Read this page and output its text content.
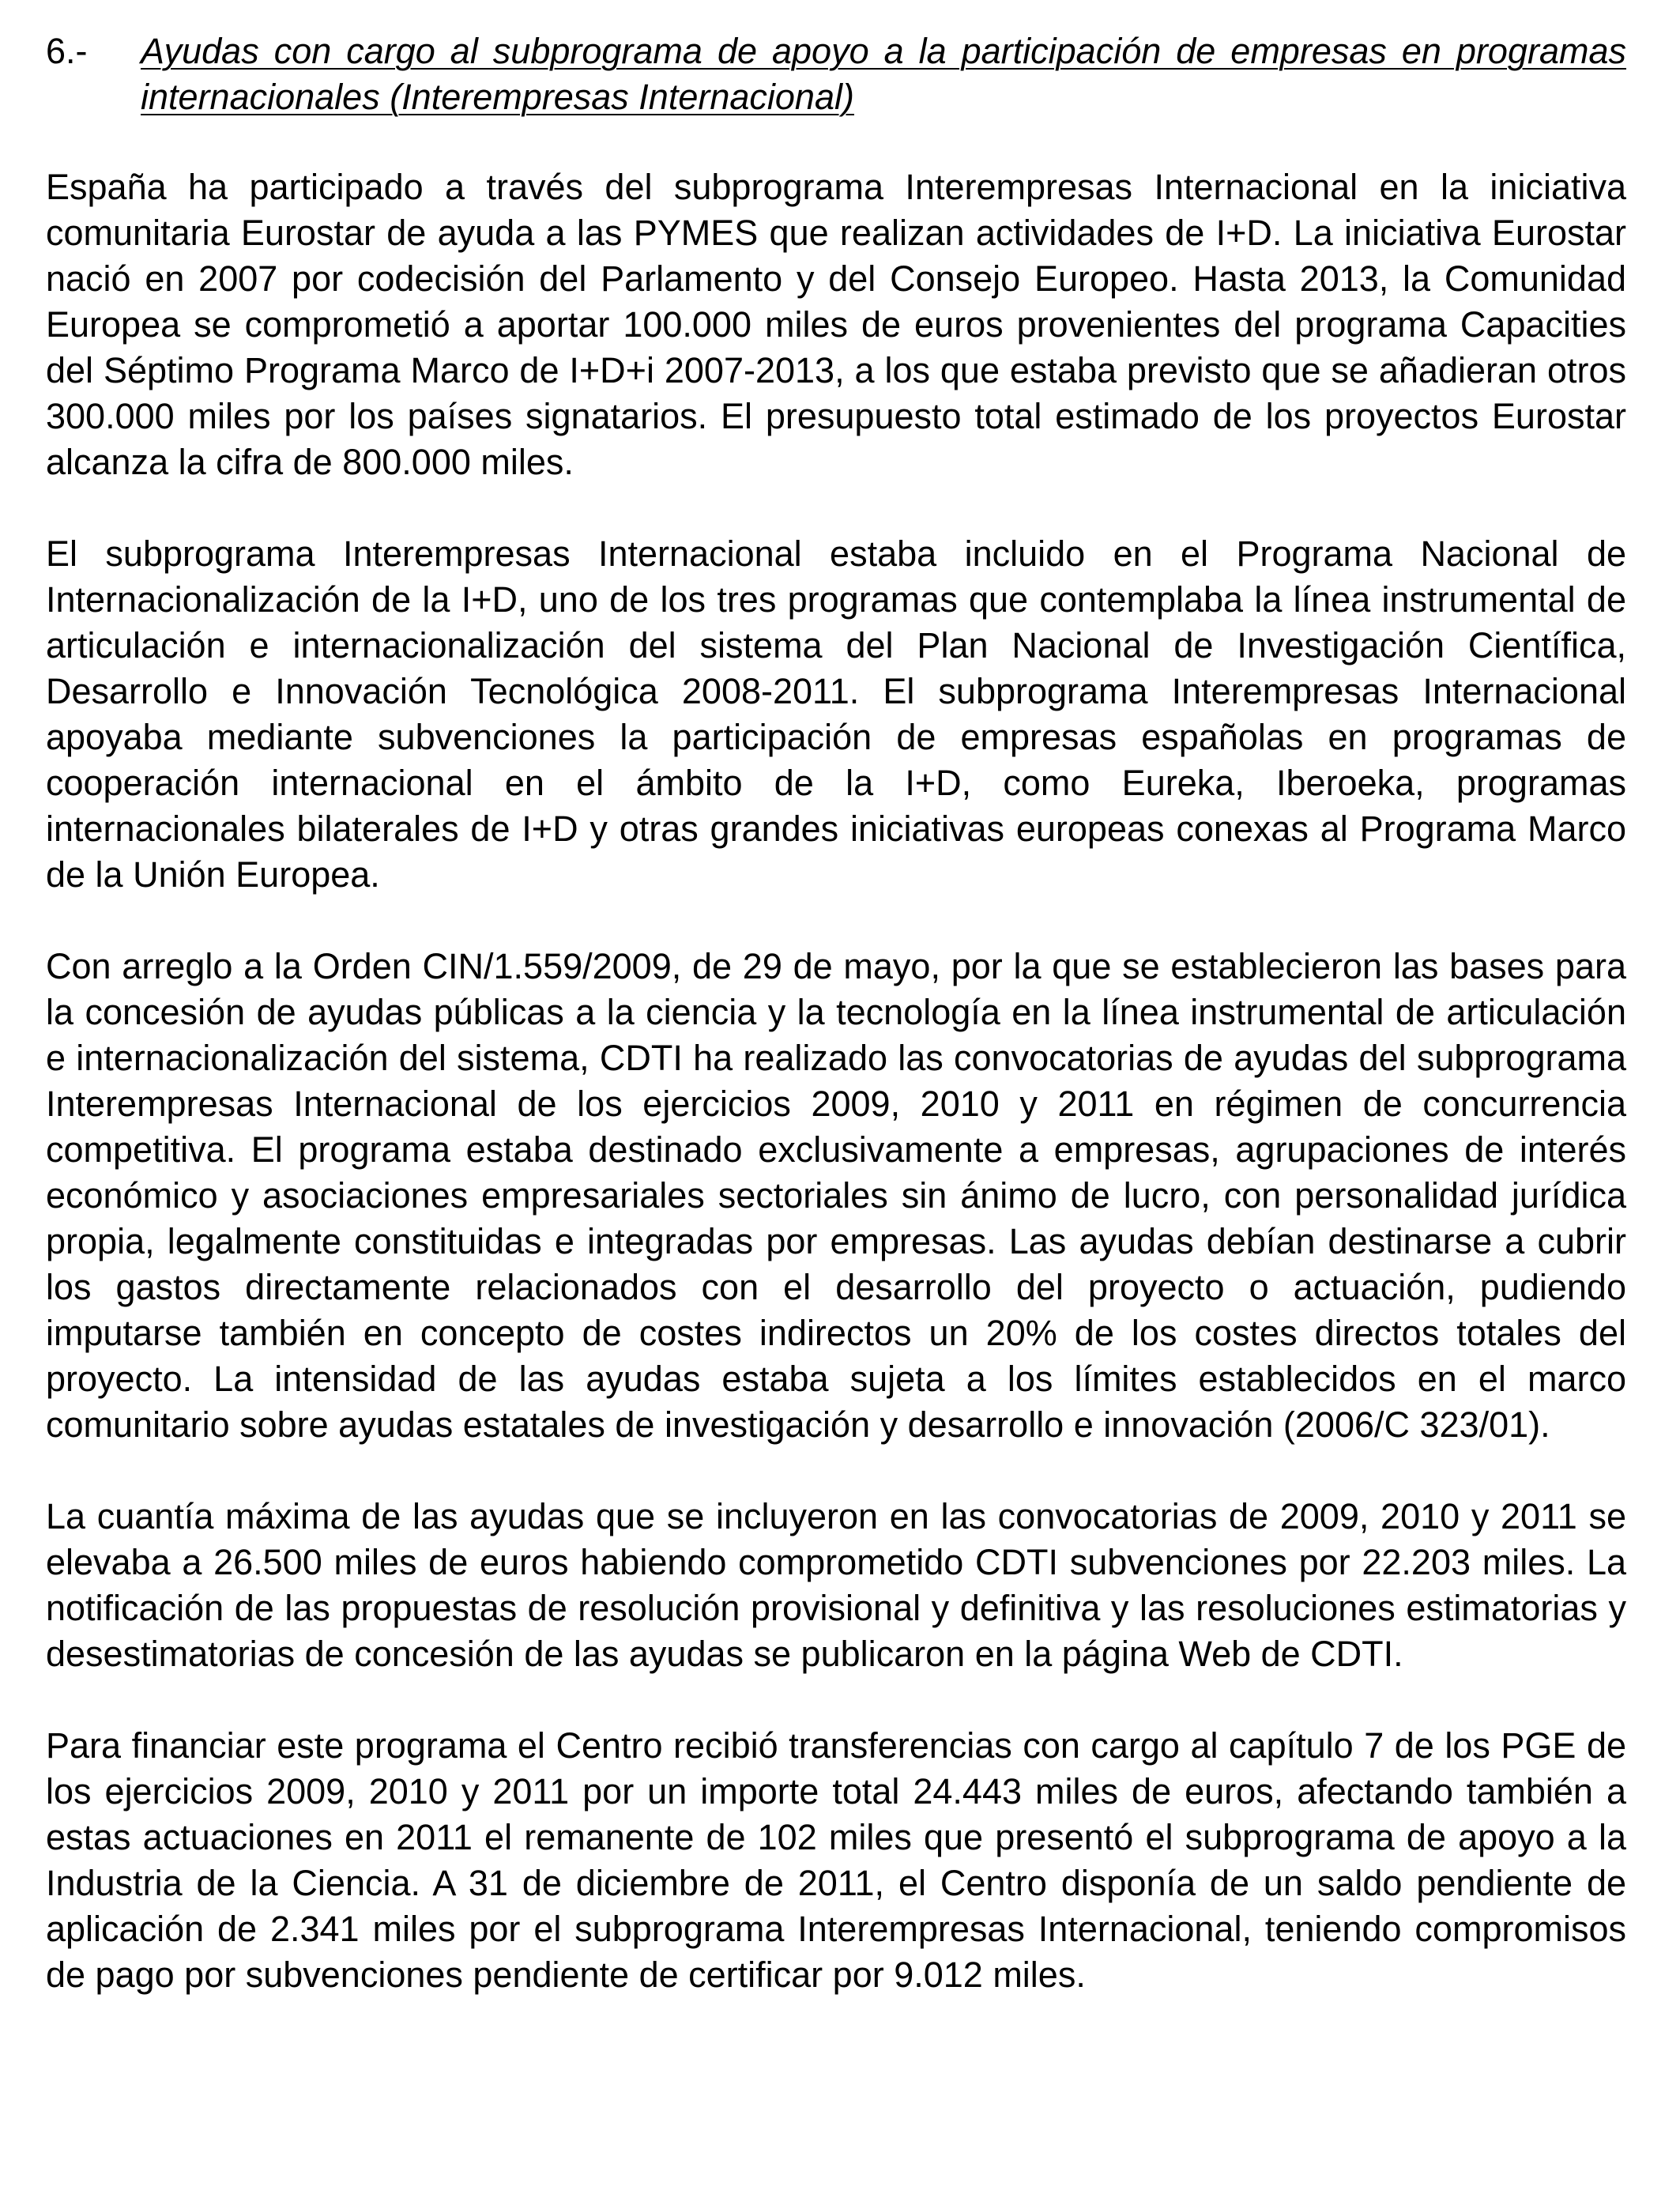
6.-	Ayudas con cargo al subprograma de apoyo a la participación de empresas en programas internacionales (Interempresas Internacional)

España ha participado a través del subprograma Interempresas Internacional en la iniciativa comunitaria Eurostar de ayuda a las PYMES que realizan actividades de I+D. La iniciativa Eurostar nació en 2007 por codecisión del Parlamento y del Consejo Europeo. Hasta 2013, la Comunidad Europea se comprometió a aportar 100.000 miles de euros provenientes del programa Capacities del Séptimo Programa Marco de I+D+i 2007-2013, a los que estaba previsto que se añadieran otros 300.000 miles por los países signatarios. El presupuesto total estimado de los proyectos Eurostar alcanza la cifra de 800.000 miles.

El subprograma Interempresas Internacional estaba incluido en el Programa Nacional de Internacionalización de la I+D, uno de los tres programas que contemplaba la línea instrumental de articulación e internacionalización del sistema del Plan Nacional de Investigación Científica, Desarrollo e Innovación Tecnológica 2008-2011. El subprograma Interempresas Internacional apoyaba mediante subvenciones la participación de empresas españolas en programas de cooperación internacional en el ámbito de la I+D, como Eureka, Iberoeka, programas internacionales bilaterales de I+D y otras grandes iniciativas europeas conexas al Programa Marco de la Unión Europea.

Con arreglo a la Orden CIN/1.559/2009, de 29 de mayo, por la que se establecieron las bases para la concesión de ayudas públicas a la ciencia y la tecnología en la línea instrumental de articulación e internacionalización del sistema, CDTI ha realizado las convocatorias de ayudas del subprograma Interempresas Internacional de los ejercicios 2009, 2010 y 2011 en régimen de concurrencia competitiva. El programa estaba destinado exclusivamente a empresas, agrupaciones de interés económico y asociaciones empresariales sectoriales sin ánimo de lucro, con personalidad jurídica propia, legalmente constituidas e integradas por empresas. Las ayudas debían destinarse a cubrir los gastos directamente relacionados con el desarrollo del proyecto o actuación, pudiendo imputarse también en concepto de costes indirectos un 20% de los costes directos totales del proyecto. La intensidad de las ayudas estaba sujeta a los límites establecidos en el marco comunitario sobre ayudas estatales de investigación y desarrollo e innovación (2006/C 323/01).

La cuantía máxima de las ayudas que se incluyeron en las convocatorias de 2009, 2010 y 2011 se elevaba a 26.500 miles de euros habiendo comprometido CDTI subvenciones por 22.203 miles. La notificación de las propuestas de resolución provisional y definitiva y las resoluciones estimatorias y desestimatorias de concesión de las ayudas se publicaron en la página Web de CDTI.

Para financiar este programa el Centro recibió transferencias con cargo al capítulo 7 de los PGE de los ejercicios 2009, 2010 y 2011 por un importe total 24.443 miles de euros, afectando también a estas actuaciones en 2011 el remanente de 102 miles que presentó el subprograma de apoyo a la Industria de la Ciencia. A 31 de diciembre de 2011, el Centro disponía de un saldo pendiente de aplicación de 2.341 miles por el subprograma Interempresas Internacional, teniendo compromisos de pago por subvenciones pendiente de certificar por 9.012 miles.
